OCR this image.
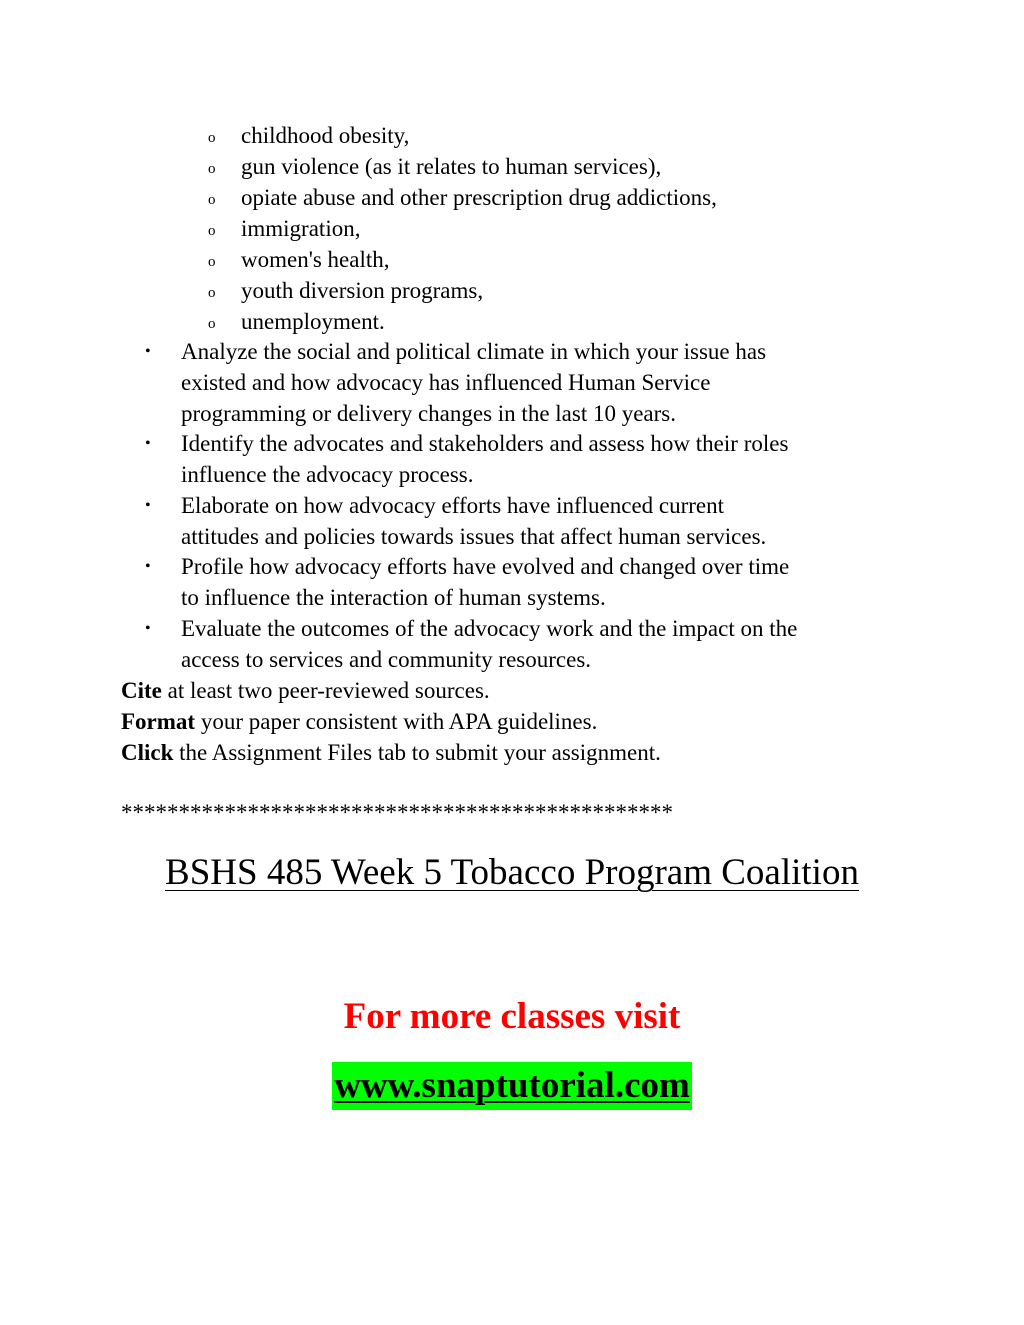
o childhood obesity,
o gun violence (as it relates to human services),
o opiate abuse and other prescription drug addictions,
o immigration,
o women's health,
o youth diversion programs,
o unemployment.
• Analyze the social and political climate in which your issue has
existed and how advocacy has influenced Human Service
programming or delivery changes in the last 10 years.
• Identify the advocates and stakeholders and assess how their roles
influence the advocacy process.
• Elaborate on how advocacy efforts have influenced current
attitudes and policies towards issues that affect human services.
• Profile how advocacy efforts have evolved and changed over time
to influence the interaction of human systems.
• Evaluate the outcomes of the advocacy work and the impact on the
access to services and community resources.
Cite at least two peer-reviewed sources.
Format your paper consistent with APA guidelines.
Click the Assignment Files tab to submit your assignment.
************************************************
BSHS 485 Week 5 Tobacco Program Coalition
For more classes visit
www.snaptutorial.com
